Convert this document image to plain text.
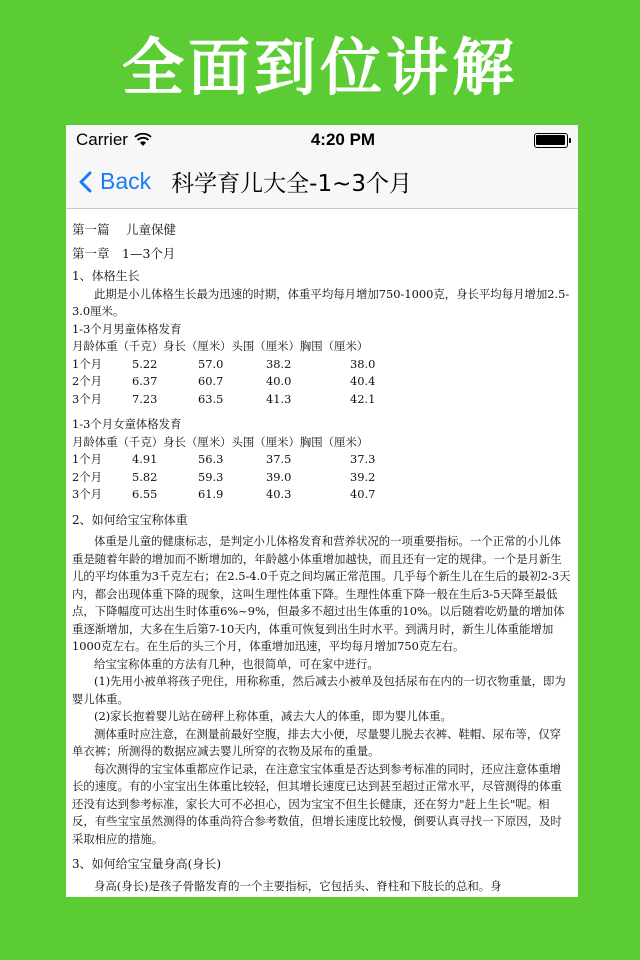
全面到位讲解
Carrier	4:20 PM
Back 科学育儿大全-1~3个月
第一篇　 儿童保健
第一章　1—3个月
1、体格生长

此期是小儿体格生长最为迅速的时期，体重平均每月增加750-1000克，身长平均每月增加2.5-3.0厘米。

1-3个月男童体格发育
月龄 体重（千克） 身长（厘米） 头围（厘米） 胸围（厘米）
1个月	5.22	57.0	38.2	38.0
2个月	6.37	60.7	40.0	40.4
3个月	7.23	63.5	41.3	42.1
1-3个月女童体格发育
月龄 体重（千克） 身长（厘米） 头围（厘米） 胸围（厘米）
1个月	4.91	56.3	37.5	37.3
2个月	5.82	59.3	39.0	39.2
3个月	6.55	61.9	40.3	40.7
2、如何给宝宝称体重

体重是儿童的健康标志，是判定小儿体格发育和营养状况的一项重要指标。一个正常的小儿体重是随着年龄的增加而不断增加的，年龄越小体重增加越快，而且还有一定的规律。一个是月新生儿的平均体重为3千克左右；在2.5-4.0千克之间均属正常范围。几乎每个新生儿在生后的最初2-3天内，都会出现体重下降的现象，这叫生理性体重下降。生理性体重下降一般在生后3-5天降至最低点，下降幅度可达出生时体重6%~9%，但最多不超过出生体重的10%。以后随着吃奶量的增加体重逐渐增加，大多在生后第7-10天内，体重可恢复到出生时水平。到满月时，新生儿体重能增加1000克左右。在生后的头三个月，体重增加迅速，平均每月增加750克左右。

给宝宝称体重的方法有几种，也很简单，可在家中进行。

(1)先用小被单将孩子兜住，用称称重，然后减去小被单及包括尿布在内的一切衣物重量，即为婴儿体重。

(2)家长抱着婴儿站在磅秤上称体重，减去大人的体重，即为婴儿体重。

测体重时应注意，在测量前最好空腹，排去大小便，尽量婴儿脱去衣裤、鞋帽、尿布等，仅穿单衣裤；所测得的数据应减去婴儿所穿的衣物及尿布的重量。

每次测得的宝宝体重都应作记录，在注意宝宝体重是否达到参考标准的同时，还应注意体重增长的速度。有的小宝宝出生体重比较轻，但其增长速度已达到甚至超过正常水平，尽管测得的体重还没有达到参考标准，家长大可不必担心，因为宝宝不但生长健康，还在努力"赶上生长"呢。相反，有些宝宝虽然测得的体重尚符合参考数值，但增长速度比较慢，倒要认真寻找一下原因，及时采取相应的措施。

3、如何给宝宝量身高(身长)

身高(身长)是孩子骨骼发育的一个主要指标，它包括头、脊柱和下肢长的总和。身
